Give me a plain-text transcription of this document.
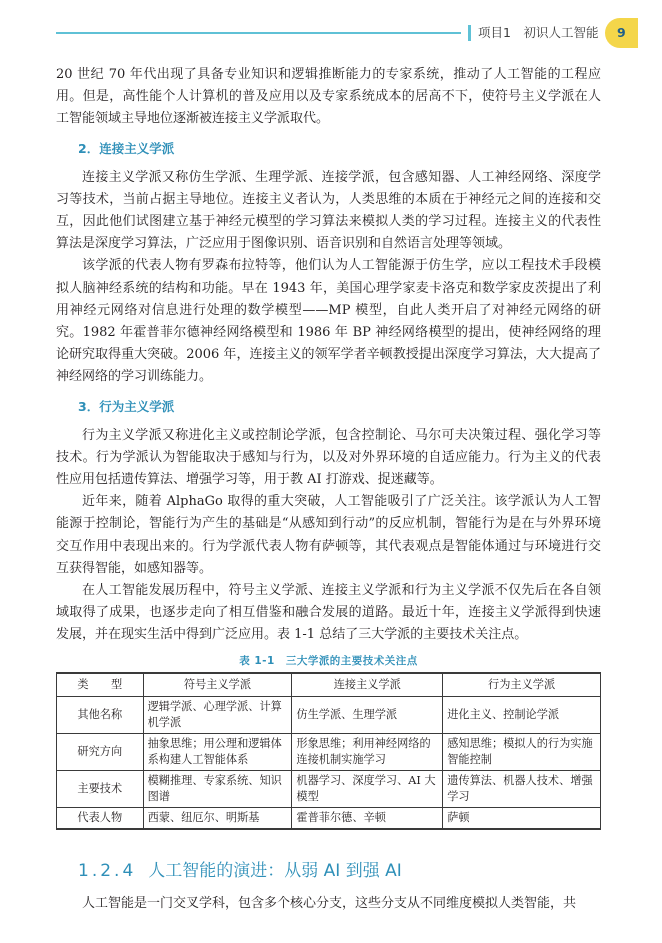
项目1　初识人工智能 9

20 世纪 70 年代出现了具备专业知识和逻辑推断能力的专家系统，推动了人工智能的工程应用。但是，高性能个人计算机的普及应用以及专家系统成本的居高不下，使符号主义学派在人工智能领域主导地位逐渐被连接主义学派取代。

2．连接主义学派

连接主义学派又称仿生学派、生理学派、连接学派，包含感知器、人工神经网络、深度学习等技术，当前占据主导地位。连接主义者认为，人类思维的本质在于神经元之间的连接和交互，因此他们试图建立基于神经元模型的学习算法来模拟人类的学习过程。连接主义的代表性算法是深度学习算法，广泛应用于图像识别、语音识别和自然语言处理等领域。

该学派的代表人物有罗森布拉特等，他们认为人工智能源于仿生学，应以工程技术手段模拟人脑神经系统的结构和功能。早在 1943 年，美国心理学家麦卡洛克和数学家皮茨提出了利用神经元网络对信息进行处理的数学模型——MP 模型，自此人类开启了对神经元网络的研究。1982 年霍普菲尔德神经网络模型和 1986 年 BP 神经网络模型的提出，使神经网络的理论研究取得重大突破。2006 年，连接主义的领军学者辛顿教授提出深度学习算法，大大提高了神经网络的学习训练能力。

3．行为主义学派

行为主义学派又称进化主义或控制论学派，包含控制论、马尔可夫决策过程、强化学习等技术。行为学派认为智能取决于感知与行为，以及对外界环境的自适应能力。行为主义的代表性应用包括遗传算法、增强学习等，用于教 AI 打游戏、捉迷藏等。

近年来，随着 AlphaGo 取得的重大突破，人工智能吸引了广泛关注。该学派认为人工智能源于控制论，智能行为产生的基础是“从感知到行动”的反应机制，智能行为是在与外界环境交互作用中表现出来的。行为学派代表人物有萨顿等，其代表观点是智能体通过与环境进行交互获得智能，如感知器等。

在人工智能发展历程中，符号主义学派、连接主义学派和行为主义学派不仅先后在各自领域取得了成果，也逐步走向了相互借鉴和融合发展的道路。最近十年，连接主义学派得到快速发展，并在现实生活中得到广泛应用。表 1-1 总结了三大学派的主要技术关注点。

表 1-1　三大学派的主要技术关注点
类　　型	符号主义学派	连接主义学派	行为主义学派
其他名称	逻辑学派、心理学派、计算机学派	仿生学派、生理学派	进化主义、控制论学派
研究方向	抽象思维；用公理和逻辑体系构建人工智能体系	形象思维；利用神经网络的连接机制实施学习	感知思维；模拟人的行为实施智能控制
主要技术	模糊推理、专家系统、知识图谱	机器学习、深度学习、AI 大模型	遗传算法、机器人技术、增强学习
代表人物	西蒙、纽厄尔、明斯基	霍普菲尔德、辛顿	萨顿
1.2.4 人工智能的演进：从弱 AI 到强 AI

人工智能是一门交叉学科，包含多个核心分支，这些分支从不同维度模拟人类智能，共
